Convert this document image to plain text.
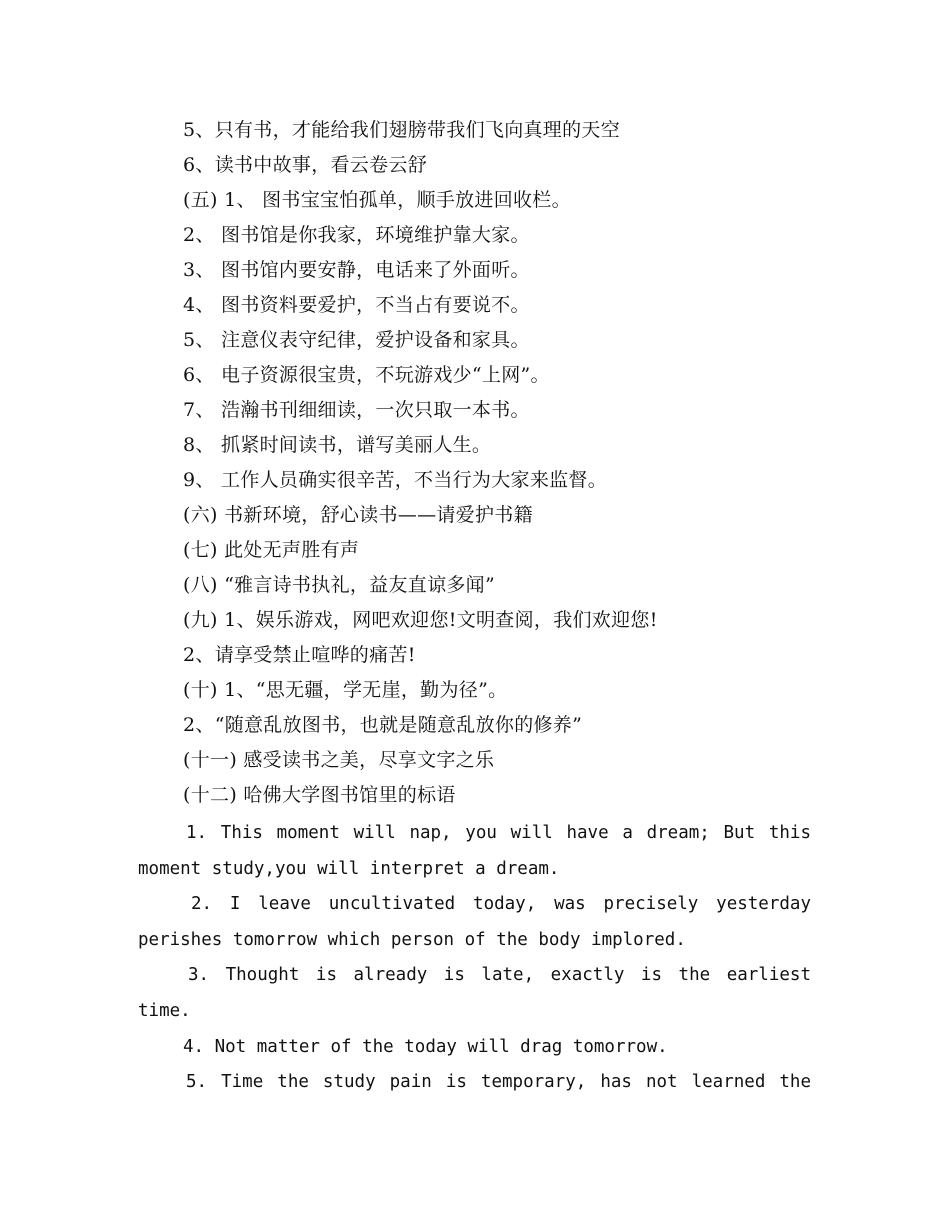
5、只有书，才能给我们翅膀带我们飞向真理的天空
6、读书中故事，看云卷云舒
(五) 1、 图书宝宝怕孤单，顺手放进回收栏。
2、 图书馆是你我家，环境维护靠大家。
3、 图书馆内要安静，电话来了外面听。
4、 图书资料要爱护，不当占有要说不。
5、 注意仪表守纪律，爱护设备和家具。
6、 电子资源很宝贵，不玩游戏少“上网”。
7、 浩瀚书刊细细读，一次只取一本书。
8、 抓紧时间读书，谱写美丽人生。
9、 工作人员确实很辛苦，不当行为大家来监督。
(六) 书新环境，舒心读书——请爱护书籍
(七) 此处无声胜有声
(八) “雅言诗书执礼，益友直谅多闻”
(九) 1、娱乐游戏，网吧欢迎您!文明查阅，我们欢迎您!
2、请享受禁止喧哗的痛苦!
(十) 1、“思无疆，学无崖，勤为径”。
2、“随意乱放图书，也就是随意乱放你的修养”
(十一) 感受读书之美，尽享文字之乐
(十二) 哈佛大学图书馆里的标语
1. This moment will nap, you will have a dream; But this moment study,you will interpret a dream.
2. I leave uncultivated today, was precisely yesterday perishes tomorrow which person of the body implored.
3. Thought is already is late, exactly is the earliest time.
4. Not matter of the today will drag tomorrow.
5. Time the study pain is temporary, has not learned the
